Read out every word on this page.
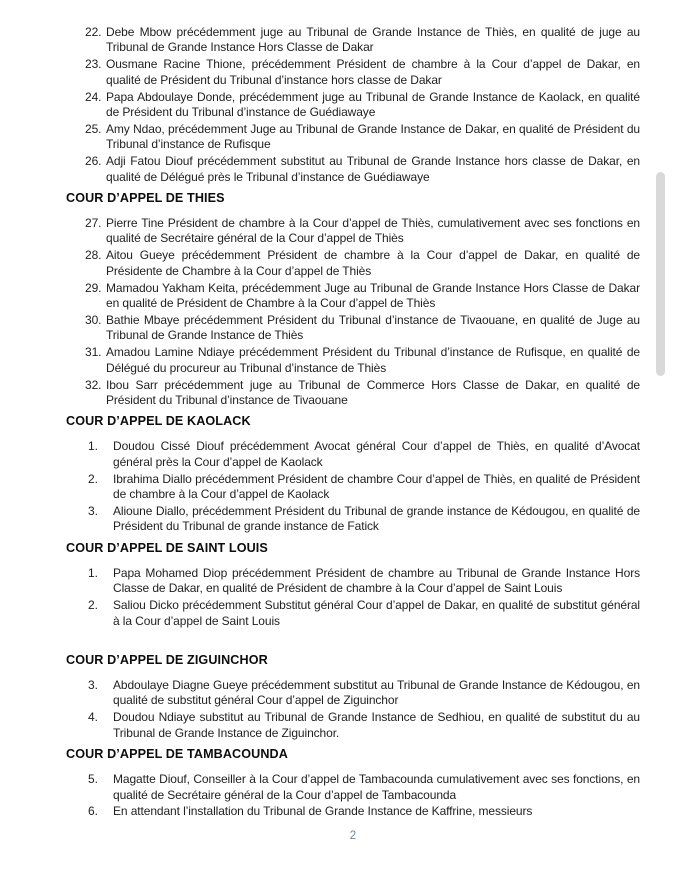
22. Debe Mbow précédemment juge au Tribunal de Grande Instance de Thiès, en qualité de juge au Tribunal de Grande Instance Hors Classe de Dakar
23. Ousmane Racine Thione, précédemment Président de chambre à la Cour d’appel de Dakar, en qualité de Président du Tribunal d’instance hors classe de Dakar
24. Papa Abdoulaye Donde, précédemment juge au Tribunal de Grande Instance de Kaolack, en qualité de Président du Tribunal d’instance de Guédiawaye
25. Amy Ndao, précédemment Juge au Tribunal de Grande Instance de Dakar, en qualité de Président du Tribunal d’instance de Rufisque
26. Adji Fatou Diouf précédemment substitut au Tribunal de Grande Instance hors classe de Dakar, en qualité de Délégué près le Tribunal d’instance de Guédiawaye
COUR D’APPEL DE THIES
27. Pierre Tine Président de chambre à la Cour d’appel de Thiès, cumulativement avec ses fonctions en qualité de Secrétaire général de la Cour d’appel de Thiès
28. Aitou Gueye précédemment Président de chambre à la Cour d’appel de Dakar, en qualité de Présidente de Chambre à la Cour d’appel de Thiès
29. Mamadou Yakham Keita, précédemment Juge au Tribunal de Grande Instance Hors Classe de Dakar en qualité de Président de Chambre à la Cour d’appel de Thiès
30. Bathie Mbaye précédemment Président du Tribunal d’instance de Tivaouane, en qualité de Juge au Tribunal de Grande Instance de Thiès
31. Amadou Lamine Ndiaye précédemment Président du Tribunal d’instance de Rufisque, en qualité de Délégué du procureur au Tribunal d’instance de Thiès
32. Ibou Sarr précédemment juge au Tribunal de Commerce Hors Classe de Dakar, en qualité de Président du Tribunal d’instance de Tivaouane
COUR D’APPEL DE KAOLACK
1.	Doudou Cissé Diouf précédemment Avocat général Cour d’appel de Thiès, en qualité d’Avocat général près la Cour d’appel de Kaolack
2.	Ibrahima Diallo précédemment Président de chambre Cour d’appel de Thiès, en qualité de Président de chambre à la Cour d’appel de Kaolack
3.	Alioune Diallo, précédemment Président du Tribunal de grande instance de Kédougou, en qualité de Président du Tribunal de grande instance de Fatick
COUR D’APPEL DE SAINT LOUIS
1.	Papa Mohamed Diop précédemment Président de chambre au Tribunal de Grande Instance Hors Classe de Dakar, en qualité de Président de chambre à la Cour d’appel de Saint Louis
2.	Saliou Dicko précédemment Substitut général Cour d’appel de Dakar, en qualité de substitut général à la Cour d’appel de Saint Louis
COUR D’APPEL DE ZIGUINCHOR
3.	Abdoulaye Diagne Gueye précédemment substitut au Tribunal de Grande Instance de Kédougou, en qualité de substitut général Cour d’appel de Ziguinchor
4.	Doudou Ndiaye substitut au Tribunal de Grande Instance de Sedhiou, en qualité de substitut du au Tribunal de Grande Instance de Ziguinchor.
COUR D’APPEL DE TAMBACOUNDA
5.	Magatte Diouf, Conseiller à la Cour d’appel de Tambacounda cumulativement avec ses fonctions, en qualité de Secrétaire général de la Cour d’appel de Tambacounda
6.	En attendant l’installation du Tribunal de Grande Instance de Kaffrine, messieurs
2
